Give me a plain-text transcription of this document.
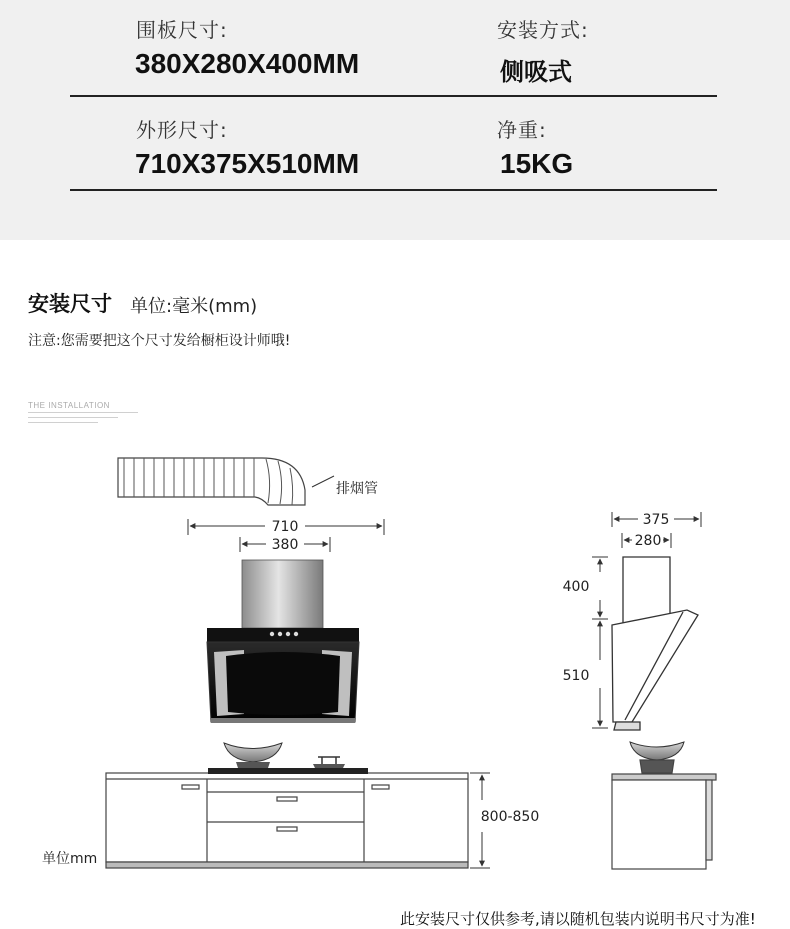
围板尺寸:
380X280X400MM
安装方式:
侧吸式
外形尺寸:
710X375X510MM
净重:
15KG
安装尺寸 单位:毫米(mm)
注意:您需要把这个尺寸发给橱柜设计师哦!
THE INSTALLATION
排烟管
710
380
375
280
400
510
800-850
单位mm
此安装尺寸仅供参考,请以随机包装内说明书尺寸为准!
